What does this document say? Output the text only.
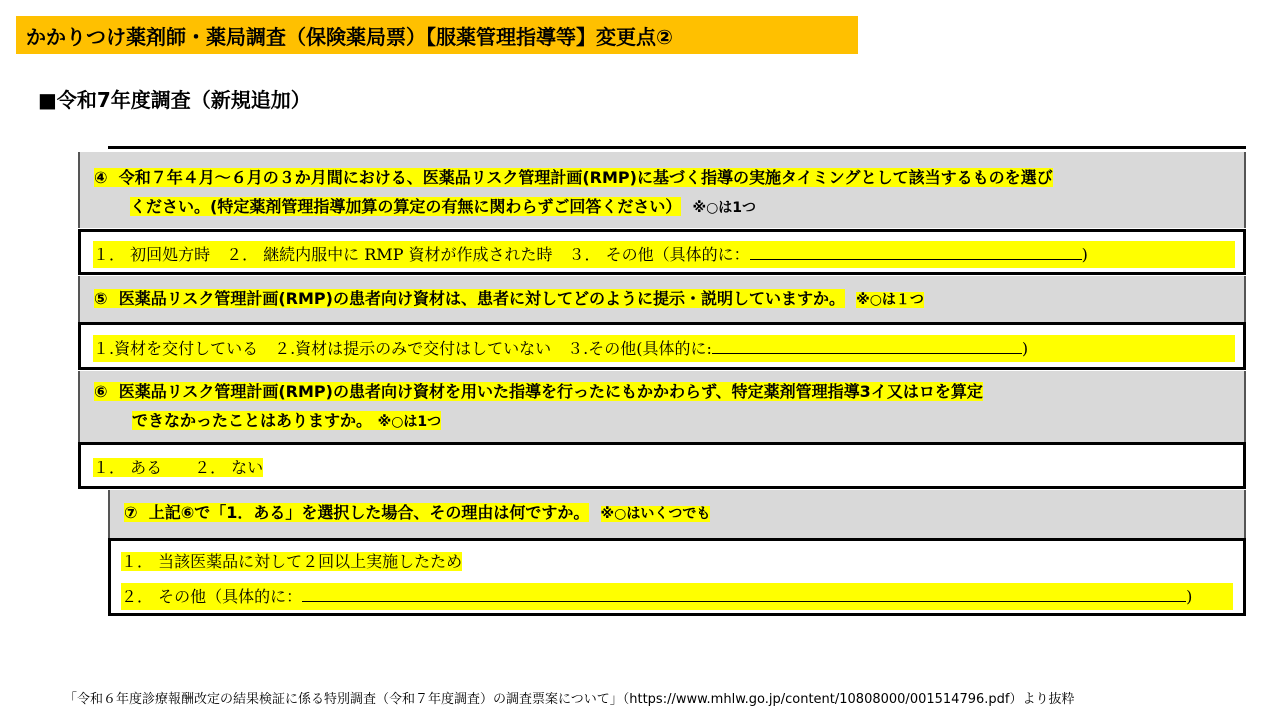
かかりつけ薬剤師・薬局調査（保険薬局票）【服薬管理指導等】変更点②
■令和7年度調査（新規追加）
④ 令和７年４月～６月の３か月間における、医薬品リスク管理計画(RMP)に基づく指導の実施タイミングとして該当するものを選び
ください。(特定薬剤管理指導加算の算定の有無に関わらずご回答ください） ※○は1つ
１． 初回処方時　２． 継続内服中に RMP 資材が作成された時　３． その他（具体的に：	)
⑤ 医薬品リスク管理計画(RMP)の患者向け資材は、患者に対してどのように提示・説明していますか。 ※○は１つ
１.資材を交付している　２.資材は提示のみで交付はしていない　３.その他(具体的に:	)
⑥ 医薬品リスク管理計画(RMP)の患者向け資材を用いた指導を行ったにもかかわらず、特定薬剤管理指導3イ又はロを算定
できなかったことはありますか。 ※○は1つ
１． ある　　２． ない
⑦ 上記⑥で「1．ある」を選択した場合、その理由は何ですか。 ※○はいくつでも
１． 当該医薬品に対して２回以上実施したため
２． その他（具体的に：	)
「令和６年度診療報酬改定の結果検証に係る特別調査（令和７年度調査）の調査票案について」（https://www.mhlw.go.jp/content/10808000/001514796.pdf）より抜粋
